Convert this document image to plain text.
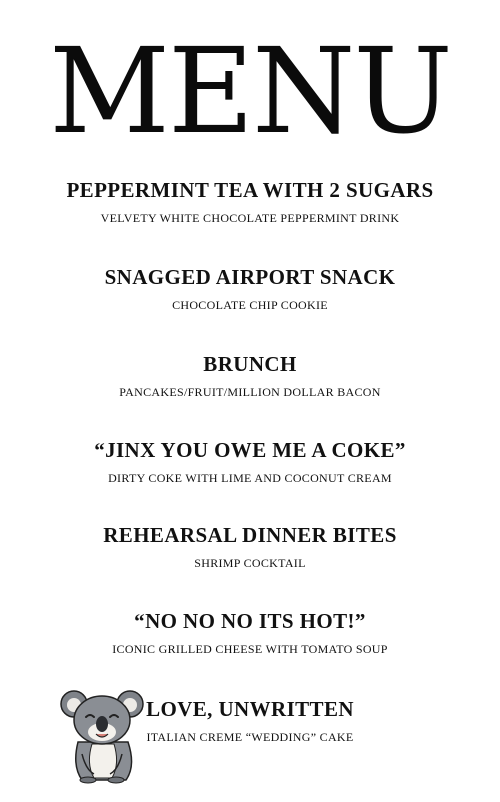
MENU
PEPPERMINT TEA WITH 2 SUGARS
VELVETY WHITE CHOCOLATE PEPPERMINT DRINK
SNAGGED AIRPORT SNACK
CHOCOLATE CHIP COOKIE
BRUNCH
PANCAKES/FRUIT/MILLION DOLLAR BACON
“JINX YOU OWE ME A COKE”
DIRTY COKE WITH LIME AND COCONUT CREAM
REHEARSAL DINNER BITES
SHRIMP COCKTAIL
“NO NO NO ITS HOT!”
ICONIC GRILLED CHEESE WITH TOMATO SOUP
LOVE, UNWRITTEN
ITALIAN CREME “WEDDING” CAKE
